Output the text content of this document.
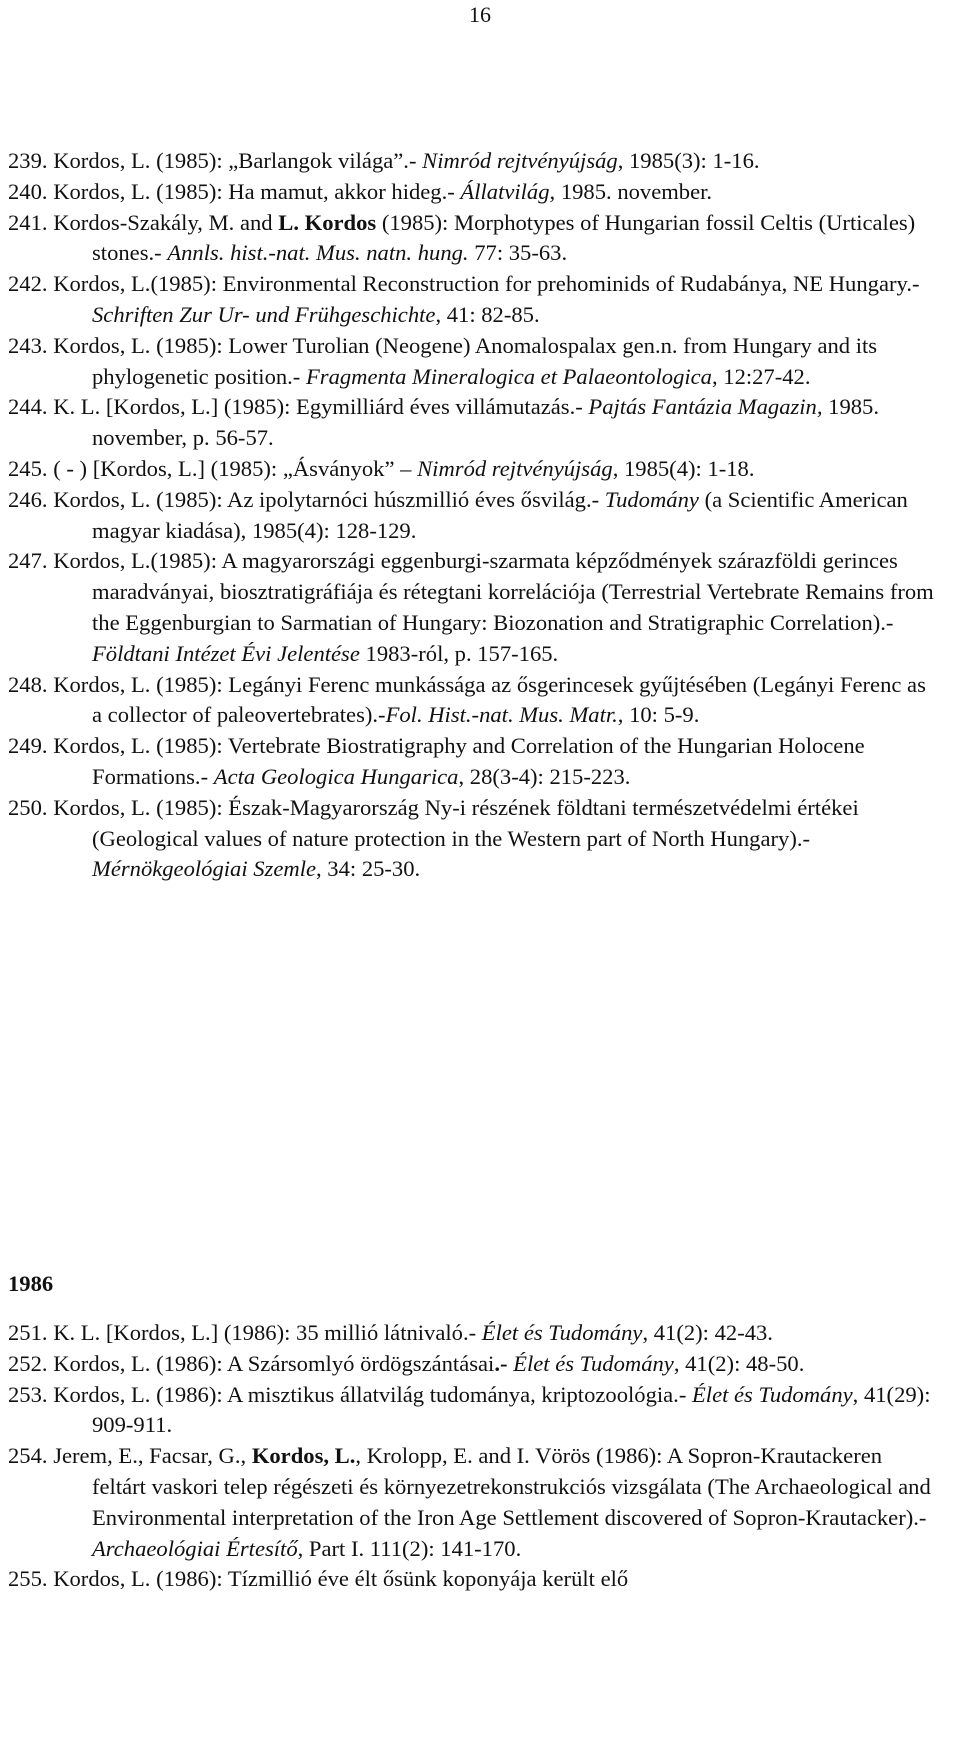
16

239. Kordos, L. (1985): „Barlangok világa”.- Nimród rejtvényújság, 1985(3): 1-16.

240. Kordos, L. (1985): Ha mamut, akkor hideg.- Állatvilág, 1985. november.

241. Kordos-Szakály, M. and L. Kordos (1985): Morphotypes of Hungarian fossil Celtis (Urticales) stones.- Annls. hist.-nat. Mus. natn. hung. 77: 35-63.

242. Kordos, L.(1985): Environmental Reconstruction for prehominids of Rudabánya, NE Hungary.- Schriften Zur Ur- und Frühgeschichte, 41: 82-85.

243. Kordos, L. (1985): Lower Turolian (Neogene) Anomalospalax gen.n. from Hungary and its phylogenetic position.- Fragmenta Mineralogica et Palaeontologica, 12:27-42.

244. K. L. [Kordos, L.] (1985): Egymilliárd éves villámutazás.- Pajtás Fantázia Magazin, 1985. november, p. 56-57.

245. ( - ) [Kordos, L.] (1985): „Ásványok” – Nimród rejtvényújság, 1985(4): 1-18.

246. Kordos, L. (1985): Az ipolytarnóci húszmillió éves ősvilág.- Tudomány (a Scientific American magyar kiadása), 1985(4): 128-129.

247. Kordos, L.(1985): A magyarországi eggenburgi-szarmata képződmények szárazföldi gerinces maradványai, biosztratigráfiája és rétegtani korrelációja (Terrestrial Vertebrate Remains from the Eggenburgian to Sarmatian of Hungary: Biozonation and Stratigraphic Correlation).- Földtani Intézet Évi Jelentése 1983-ról, p. 157-165.

248. Kordos, L. (1985): Legányi Ferenc munkássága az ősgerincesek gyűjtésében (Legányi Ferenc as a collector of paleovertebrates).-Fol. Hist.-nat. Mus. Matr., 10: 5-9.

249. Kordos, L. (1985): Vertebrate Biostratigraphy and Correlation of the Hungarian Holocene Formations.- Acta Geologica Hungarica, 28(3-4): 215-223.

250. Kordos, L. (1985): Észak-Magyarország Ny-i részének földtani természetvédelmi értékei (Geological values of nature protection in the Western part of North Hungary).- Mérnökgeológiai Szemle, 34: 25-30.

1986

251. K. L. [Kordos, L.] (1986): 35 millió látnivaló.- Élet és Tudomány, 41(2): 42-43.

252. Kordos, L. (1986): A Szársomlyó ördögszántásai.- Élet és Tudomány, 41(2): 48-50.

253. Kordos, L. (1986): A misztikus állatvilág tudománya, kriptozoológia.- Élet és Tudomány, 41(29): 909-911.

254. Jerem, E., Facsar, G., Kordos, L., Krolopp, E. and I. Vörös (1986): A Sopron-Krautackeren feltárt vaskori telep régészeti és környezetrekonstrukciós vizsgálata (The Archaeological and Environmental interpretation of the Iron Age Settlement discovered of Sopron-Krautacker).- Archaeológiai Értesítő, Part I. 111(2): 141-170.

255. Kordos, L. (1986): Tízmillió éve élt ősünk koponyája került elő
